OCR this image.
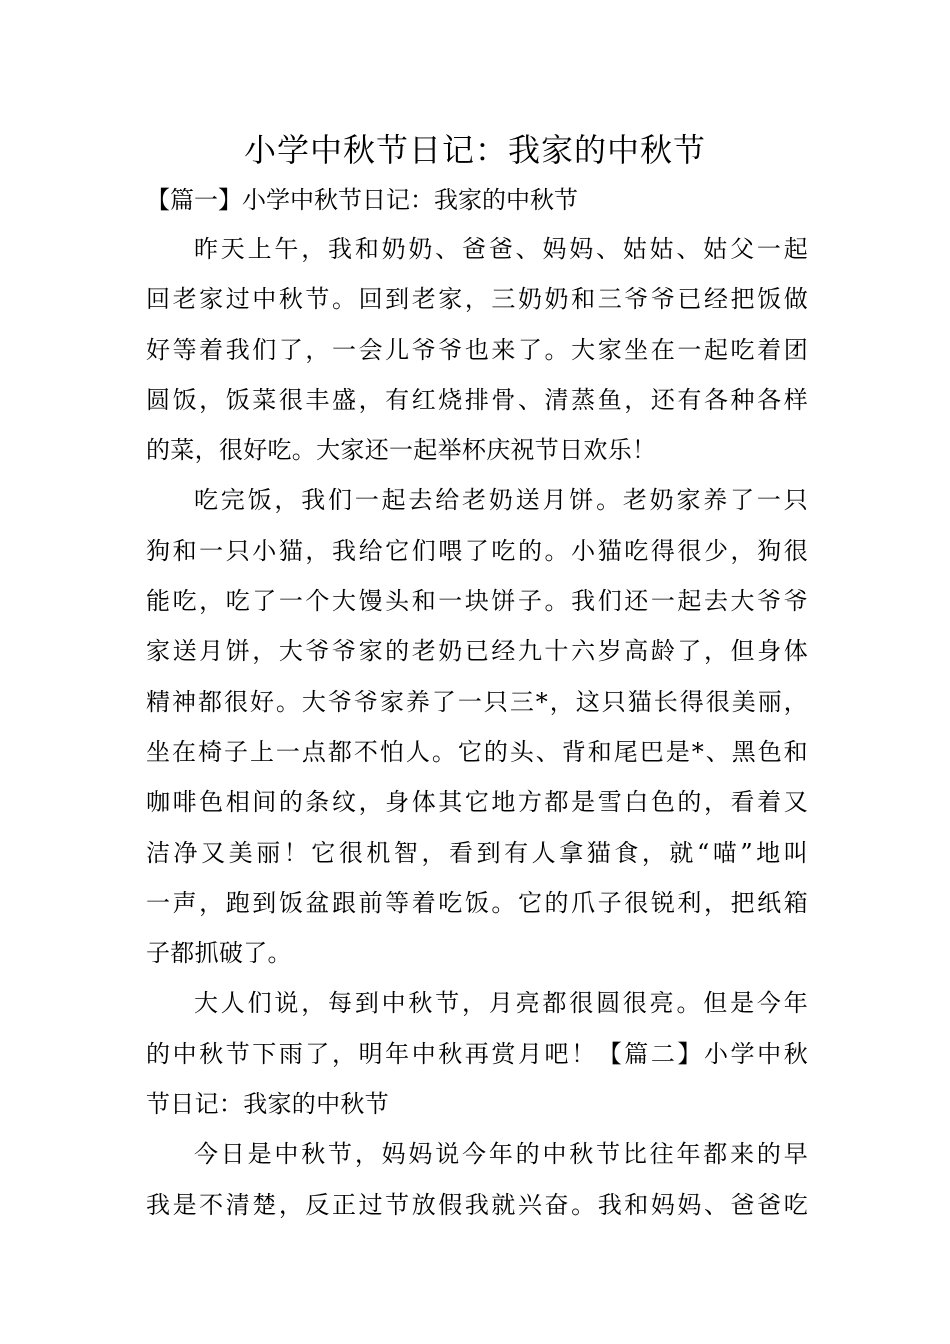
小学中秋节日记：我家的中秋节

【篇一】小学中秋节日记：我家的中秋节

昨天上午，我和奶奶、爸爸、妈妈、姑姑、姑父一起
回老家过中秋节。回到老家，三奶奶和三爷爷已经把饭做
好等着我们了，一会儿爷爷也来了。大家坐在一起吃着团
圆饭，饭菜很丰盛，有红烧排骨、清蒸鱼，还有各种各样
的菜，很好吃。大家还一起举杯庆祝节日欢乐！

吃完饭，我们一起去给老奶送月饼。老奶家养了一只
狗和一只小猫，我给它们喂了吃的。小猫吃得很少，狗很
能吃，吃了一个大馒头和一块饼子。我们还一起去大爷爷
家送月饼，大爷爷家的老奶已经九十六岁高龄了，但身体
精神都很好。大爷爷家养了一只三*，这只猫长得很美丽，
坐在椅子上一点都不怕人。它的头、背和尾巴是*、黑色和
咖啡色相间的条纹，身体其它地方都是雪白色的，看着又
洁净又美丽！它很机智，看到有人拿猫食，就“喵”地叫
一声，跑到饭盆跟前等着吃饭。它的爪子很锐利，把纸箱
子都抓破了。

大人们说，每到中秋节，月亮都很圆很亮。但是今年
的中秋节下雨了，明年中秋再赏月吧！【篇二】小学中秋
节日记：我家的中秋节

今日是中秋节，妈妈说今年的中秋节比往年都来的早
我是不清楚，反正过节放假我就兴奋。我和妈妈、爸爸吃
